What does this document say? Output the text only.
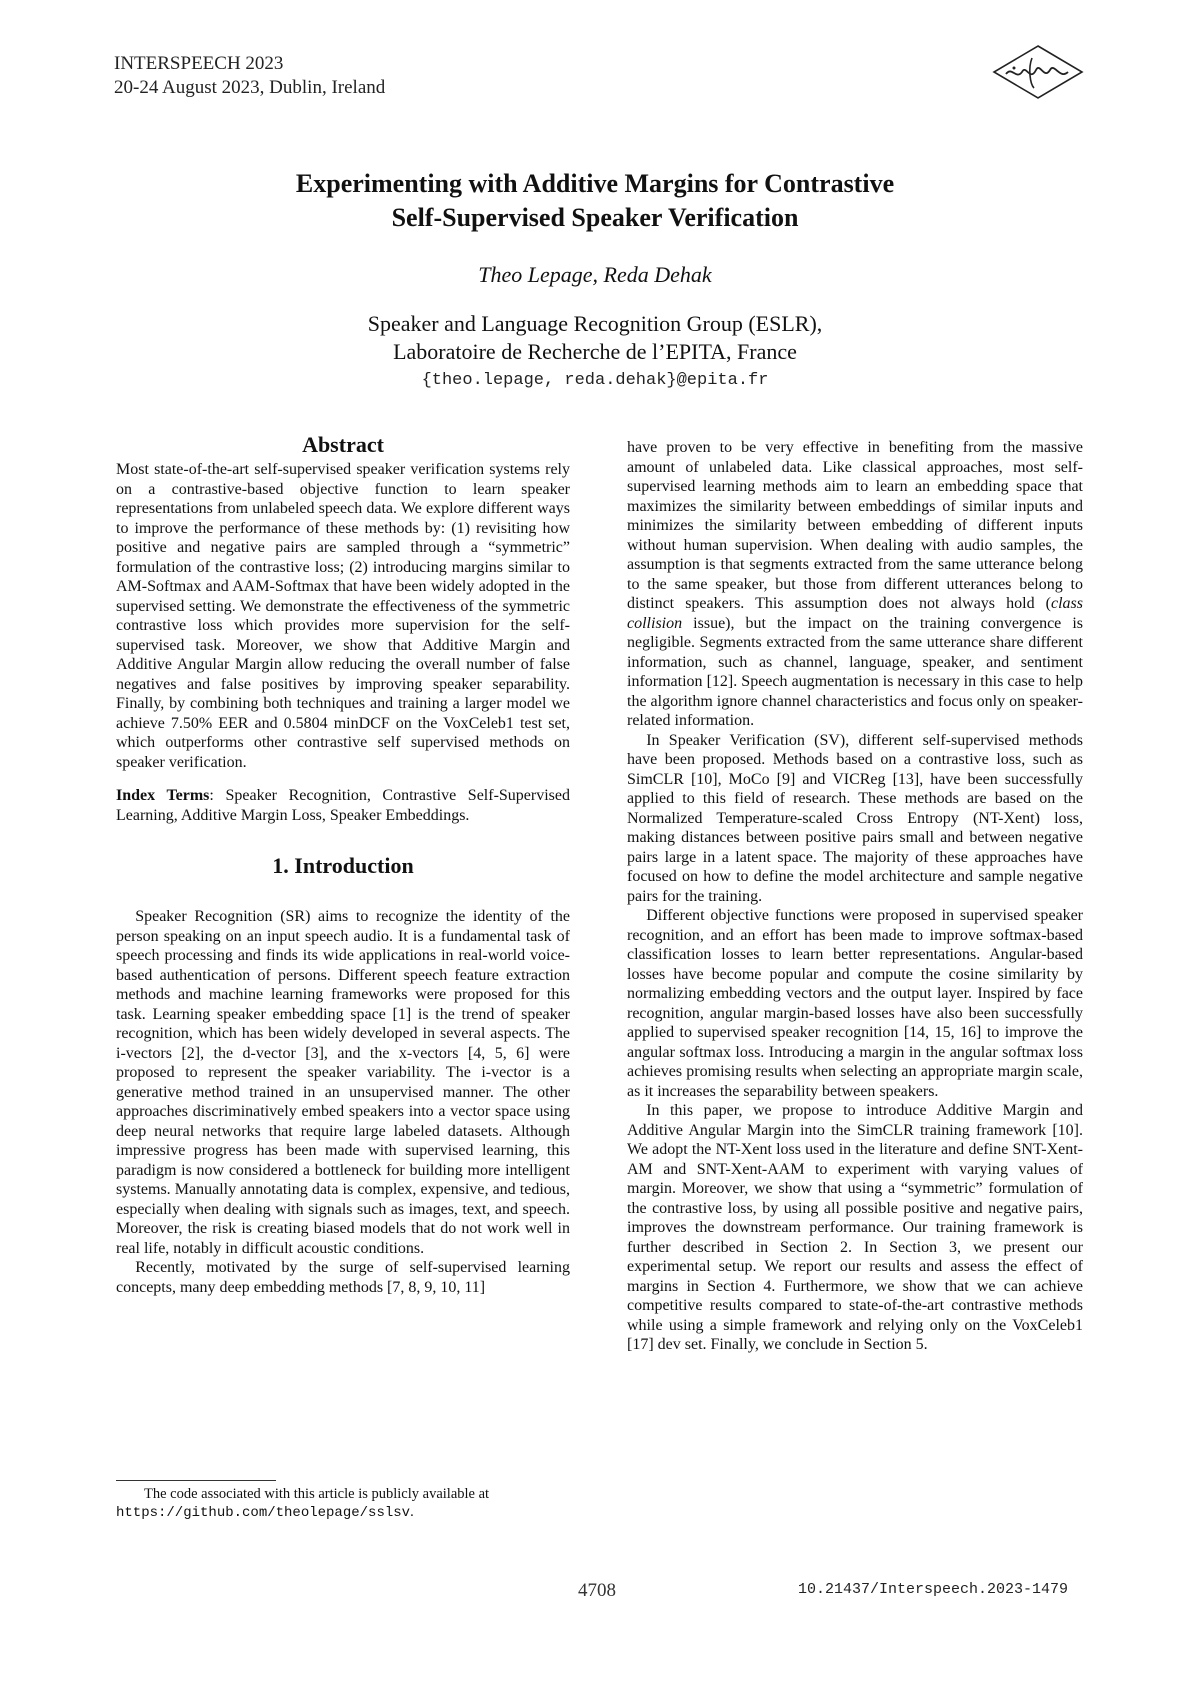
INTERSPEECH 2023
20-24 August 2023, Dublin, Ireland
Experimenting with Additive Margins for Contrastive
Self-Supervised Speaker Verification
Theo Lepage, Reda Dehak
Speaker and Language Recognition Group (ESLR),
Laboratoire de Recherche de l’EPITA, France
{theo.lepage, reda.dehak}@epita.fr
Abstract

Most state-of-the-art self-supervised speaker verification systems rely on a contrastive-based objective function to learn speaker representations from unlabeled speech data. We explore different ways to improve the performance of these methods by: (1) revisiting how positive and negative pairs are sampled through a “symmetric” formulation of the contrastive loss; (2) introducing margins similar to AM-Softmax and AAM-Softmax that have been widely adopted in the supervised setting. We demonstrate the effectiveness of the symmetric contrastive loss which provides more supervision for the self-supervised task. Moreover, we show that Additive Margin and Additive Angular Margin allow reducing the overall number of false negatives and false positives by improving speaker separability. Finally, by combining both techniques and training a larger model we achieve 7.50% EER and 0.5804 minDCF on the VoxCeleb1 test set, which outperforms other contrastive self supervised methods on speaker verification.

Index Terms: Speaker Recognition, Contrastive Self-Supervised Learning, Additive Margin Loss, Speaker Embeddings.

1. Introduction

Speaker Recognition (SR) aims to recognize the identity of the person speaking on an input speech audio. It is a fundamental task of speech processing and finds its wide applications in real-world voice-based authentication of persons. Different speech feature extraction methods and machine learning frameworks were proposed for this task. Learning speaker embedding space [1] is the trend of speaker recognition, which has been widely developed in several aspects. The i-vectors [2], the d-vector [3], and the x-vectors [4, 5, 6] were proposed to represent the speaker variability. The i-vector is a generative method trained in an unsupervised manner. The other approaches discriminatively embed speakers into a vector space using deep neural networks that require large labeled datasets. Although impressive progress has been made with supervised learning, this paradigm is now considered a bottleneck for building more intelligent systems. Manually annotating data is complex, expensive, and tedious, especially when dealing with signals such as images, text, and speech. Moreover, the risk is creating biased models that do not work well in real life, notably in difficult acoustic conditions.

Recently, motivated by the surge of self-supervised learning concepts, many deep embedding methods [7, 8, 9, 10, 11]

have proven to be very effective in benefiting from the massive amount of unlabeled data. Like classical approaches, most self-supervised learning methods aim to learn an embedding space that maximizes the similarity between embeddings of similar inputs and minimizes the similarity between embedding of different inputs without human supervision. When dealing with audio samples, the assumption is that segments extracted from the same utterance belong to the same speaker, but those from different utterances belong to distinct speakers. This assumption does not always hold (class collision issue), but the impact on the training convergence is negligible. Segments extracted from the same utterance share different information, such as channel, language, speaker, and sentiment information [12]. Speech augmentation is necessary in this case to help the algorithm ignore channel characteristics and focus only on speaker-related information.

In Speaker Verification (SV), different self-supervised methods have been proposed. Methods based on a contrastive loss, such as SimCLR [10], MoCo [9] and VICReg [13], have been successfully applied to this field of research. These methods are based on the Normalized Temperature-scaled Cross Entropy (NT-Xent) loss, making distances between positive pairs small and between negative pairs large in a latent space. The majority of these approaches have focused on how to define the model architecture and sample negative pairs for the training.

Different objective functions were proposed in supervised speaker recognition, and an effort has been made to improve softmax-based classification losses to learn better representations. Angular-based losses have become popular and compute the cosine similarity by normalizing embedding vectors and the output layer. Inspired by face recognition, angular margin-based losses have also been successfully applied to supervised speaker recognition [14, 15, 16] to improve the angular softmax loss. Introducing a margin in the angular softmax loss achieves promising results when selecting an appropriate margin scale, as it increases the separability between speakers.

In this paper, we propose to introduce Additive Margin and Additive Angular Margin into the SimCLR training framework [10]. We adopt the NT-Xent loss used in the literature and define SNT-Xent-AM and SNT-Xent-AAM to experiment with varying values of margin. Moreover, we show that using a “symmetric” formulation of the contrastive loss, by using all possible positive and negative pairs, improves the downstream performance. Our training framework is further described in Section 2. In Section 3, we present our experimental setup. We report our results and assess the effect of margins in Section 4. Furthermore, we show that we can achieve competitive results compared to state-of-the-art contrastive methods while using a simple framework and relying only on the VoxCeleb1 [17] dev set. Finally, we conclude in Section 5.

The code associated with this article is publicly available at
https://github.com/theolepage/sslsv.
4708	10.21437/Interspeech.2023-1479
